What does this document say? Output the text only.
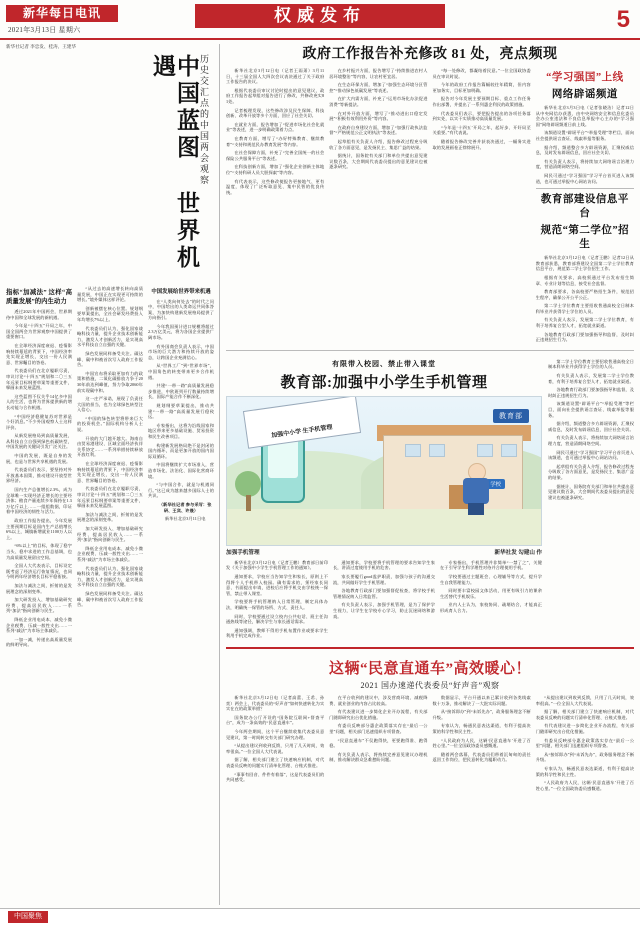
新华每日电讯
2021年3月13日 星期六
权威发布	5
新华社记者 李忠发、桂涛、王建华
中国蓝图 世界机遇	历史交汇点的中国两会观察
指标“加减法” 这样“高质量发展”的内生动力

透过2021年中国两会，世界期待中国和全球发展的新机遇。

今年是“十四五”开局之年，中国全国两会为世界观察中国提供了重要窗口。

在全球经济深度衰退、疫情影响持续蔓延的背景下，中国经济率先实现正增长，交出一份人民满意、世界瞩目的答卷。

代表委员们在北京履职尽责，审议讨论“十四五”规划和二〇三五年远景目标纲要草案等重要文件，擘画未来发展蓝图。

这些蓝图不仅关乎14亿多中国人的生活，也将为世界提供新的增长动能与合作机遇。

“中国经济稳健复苏对世界是个好消息。”不少外国观察人士这样评价。

从新发展格局到高质量发展，从科技自立自强到绿色低碳转型，中国发展的关键词引发广泛关注。

中国的发展，既是自身的发展，也是与世界共享机遇的发展。

代表委员们表示，要坚持对外开放基本国策，推动建设开放型世界经济。

国内生产总值增长2.3%，成为全球唯一实现经济正增长的主要经济体；粮食产量连续多年保持在1.3万亿斤以上……一组组数据，印证着中国经济的韧性与活力。

政府工作报告提出，今年发展主要预期目标是国内生产总值增长6%以上，城镇新增就业1100万人以上。

“6%以上”的目标，体现了稳字当头、稳中求进的工作总基调，也为高质量发展留出空间。

全国人大代表表示，目标设定既考虑了经济运行恢复情况，也同今明两年经济增长目标平稳衔接。

加法与减法之间，折射的是发展理念的深刻变革。

加大研发投入、增加基础研究经费、提高居民收入……一系列“加法”指向创新与民生。

降低企业用电成本、减免小微企业税费、压减一般性支出……一系列“减法”为市场主体减负。

一加一减，传递出高质量发展的鲜明导向。

“从过去的高速增长转向高质量发展，中国正在实现更可持续的增长。”境外媒体这样评论。

创新被摆在核心位置。规划纲要草案提出，全社会研发经费投入年均增长7%以上。

代表委员们认为，强化国家战略科技力量，提升企业技术创新能力，激发人才创新活力，是实现高水平科技自立自强的关键。

绿色发展同样备受关注。碳达峰、碳中和被首次写入政府工作报告。

中国宣布将采取更加有力的政策和措施，二氧化碳排放力争于2030年前达到峰值，努力争取2060年前实现碳中和。

这一庄严承诺，展现了负责任大国的担当，也为全球绿色转型注入信心。

“中国的绿色转型将带来巨大的投资机会。”国际机构分析人士说。

开放的大门越开越大。海南自由贸易港建设、区域全面经济伙伴关系协定……一系列举措持续释放开放红利。

在全球经济深度衰退、疫情影响持续蔓延的背景下，中国经济率先实现正增长，交出一份人民满意、世界瞩目的答卷。

代表委员们在北京履职尽责，审议讨论“十四五”规划和二〇三五年远景目标纲要草案等重要文件，擘画未来发展蓝图。

加法与减法之间，折射的是发展理念的深刻变革。

加大研发投入、增加基础研究经费、提高居民收入……一系列“加法”指向创新与民生。

降低企业用电成本、减免小微企业税费、压减一般性支出……一系列“减法”为市场主体减负。

代表委员们认为，强化国家战略科技力量，提升企业技术创新能力，激发人才创新活力，是实现高水平科技自立自强的关键。

绿色发展同样备受关注。碳达峰、碳中和被首次写入政府工作报告。

中国发展给世界带来机遇

在“人类向何处去”的时代之问中，中国给出的人类命运共同体答案，为加快构建新发展格局提供了方向指引。

今年我国预计进口规模将超过2.3万亿美元，将为各国企业提供广阔市场。

有外国商会负责人表示，中国市场的巨大潜力和持续开放的姿态，让跨国企业充满信心。

从“世界工厂”到“世界市场”，中国角色的转变带来更多合作机遇。

共建“一带一路”高质量发展稳步推进，中欧班列开行数量持续增长，国际产能合作不断深化。

规划纲要草案提出，推动共建“一带一路”高质量发展行稳致远。

专家指出，这将为沿线国家和地区带来更多基础设施、贸易投资和民生改善项目。

构建新发展格局绝不是封闭的国内循环，而是更加开放的国内国际双循环。

中国将继续扩大市场准入，营造市场化、法治化、国际化营商环境。

“与中国合作，就是与机遇同行。”这已成为越来越多国际人士的共识。

（新华社记者 参与采写：张研、王宾、许晟）

新华社北京3月11日电

政府工作报告补充修改 81 处，亮点频现

新华社北京3月12日电（记者王雨萧）3月11日，十三届全国人大四次会议表决通过了关于政府工作报告的决议。

根据代表委员审议讨论时提出的意见建议，政府工作报告起草组对报告进行了修改，共修改充实81处。

记者梳理发现，这些修改涉及民生保障、科技创新、改革开放等多个方面，回应了社会关切。

在就业方面，报告增加了“促进市场化社会化就业”等表述，进一步明确政策着力点。

在教育方面，增写了“办好特殊教育、继续教育”“支持和规范民办教育发展”等内容。

在社会保障方面，补充了“完善全国统一的社会保险公共服务平台”等表述。

在科技创新方面，增加了“强化企业创新主体地位”“支持科研人员大胆探索”等内容。

有代表表示，这些修改使报告更接地气、更有温度，体现了广泛听取意见、集中民智的优良传统。

在乡村振兴方面，报告增写了“持续推进农村人居环境整治”等内容，让农村更宜居。

在生态环保方面，增加了“加强生态环境分区管控”“推动绿色低碳发展”等表述。

在扩大内需方面，补充了“运用市场化办法促进消费”等新提法。

在对外开放方面，增写了“推动进出口稳定发展”“积极有效利用外资”等内容。

在政府自身建设方面，增加了“加强行政执法监督”“严格规范公正文明执法”等表述。

起草组有关负责人介绍，报告修改过程充分吸收了各方面意见，是发扬民主、集思广益的结果。

据统计，国务院有关部门和单位共提出意见建议数百条，大会期间代表委员提出的意见建议也被逐条研究。

“每一处修改，都凝结着民意。”一位全国政协委员在审议时说。

今年的政府工作报告篇幅较往年精简，但内容更加务实，目标更加明确。

报告对今年发展主要预期目标、重点工作任务作出部署，并提出了一系列惠企利民的政策措施。

代表委员们表示，要把报告提出的各项任务落到实处，以实干实绩推动高质量发展。

“今年是‘十四五’开局之年，起好步、开好局至关重要。”有代表说。

随着报告修改完善并获表决通过，一幅务实进取的发展画卷正徐徐展开。

“学习强国”上线
网络辟谣频道

新华社北京3月3日电（记者张晓洁）记者12日从中央网信办获悉，由中央网络安全和信息化委员会办公室违法和不良信息举报中心主办的“学习强国”网络辟谣频道日前上线。

该频道设置“辟谣平台”“举报受理”等栏目，面向社会提供谣言查证、线索举报等服务。

据介绍，频道整合多方辟谣资源，汇聚权威信息，及时发布辟谣信息，回应社会关切。

有关负责人表示，将持续加大网络谣言治理力度，营造清朗网络空间。

网民可通过“学习强国”学习平台首页进入该频道，也可通过举报中心网站访问。

教育部建设信息平台
规范“第二学位”招生

新华社北京3月12日电（记者王鹏）记者12日从教育部获悉，教育部将建设全国第二学士学位教育信息平台，规范第二学士学位招生工作。

根据有关要求，高校须通过平台发布招生简章、专业计划等信息，接受社会监督。

教育部要求，各高校要严格招生条件，规范招生程序，确保公开公平公正。

第二学士学位教育主要招收普通高校全日制本科毕业并获得学士学位的人员。

有关负责人表示，发展第二学士学位教育，有利于培养复合型人才，拓宽就业渠道。

各地教育行政部门要加强指导和监督，及时纠正违规招生行为。

有限带入校园、禁止带入课堂
教育部:加强中小学生手机管理
加强中小学 生手机管理
教育部
学校
加强手机管理	新华社发 勾建山 作

新华社北京3月12日电（记者王鹏）教育部日前印发《关于加强中小学生手机管理工作的通知》。

通知要求，学校应当告知学生和家长，原则上不得将个人手机带入校园。确有需求的，须经家长同意、书面提出申请，进校后应将手机交由学校统一保管，禁止带入课堂。

学校要将手机管理纳入日常管理，制定具体办法，明确统一保管的场所、方式、责任人。

同时，学校要通过设立校内公共电话、班主任沟通热线等途径，解决学生与家长通话需求。

通知强调，教师不得用手机布置作业或要求学生利用手机完成作业。

通知要求，学校要将手机管理的要求告知学生家长，讲清过度使用手机的危害。

家长要履行good监护职责，加强与孩子的沟通交流，共同做好学生手机管理。

各地教育行政部门要加强督促检查，将学校手机管理情况纳入日常监管。

有关负责人表示，加强手机管理，是为了保护学生视力，让学生在学校专心学习，防止沉迷网络和游戏。

专家指出，手机管理并非简单“一禁了之”，关键在于引导学生科学理性对待并合理使用手机。

学校要通过主题班会、心理辅导等方式，提升学生自我管理能力。

同时要丰富校园文体活动，用更有吸引力的课余生活替代手机娱乐。

业内人士认为，家校协同、疏堵结合，才能真正形成育人合力。

第二学士学位教育主要招收普通高校全日制本科毕业并获得学士学位的人员。

有关负责人表示，发展第二学士学位教育，有利于培养复合型人才，拓宽就业渠道。

各地教育行政部门要加强指导和监督，及时纠正违规招生行为。

该频道设置“辟谣平台”“举报受理”等栏目，面向社会提供谣言查证、线索举报等服务。

据介绍，频道整合多方辟谣资源，汇聚权威信息，及时发布辟谣信息，回应社会关切。

有关负责人表示，将持续加大网络谣言治理力度，营造清朗网络空间。

网民可通过“学习强国”学习平台首页进入该频道，也可通过举报中心网站访问。

起草组有关负责人介绍，报告修改过程充分吸收了各方面意见，是发扬民主、集思广益的结果。

据统计，国务院有关部门和单位共提出意见建议数百条，大会期间代表委员提出的意见建议也被逐条研究。

这辆“民意直通车”高效暖心！
2021 国办速递代表委员“好声音”观察

新华社北京3月12日电（记者高蕾、王希、孙奕）两会上，代表委员的“好声音”如何快速转化为实实在在的政策举措？

国务院办公厅开设的“国务院互联网+督查平台”，成为一条高效的“民意直通车”。

今年两会期间，这个平台继续收集代表委员意见建议，第一时间转交有关部门研究办理。

“从提出建议到收到反馈，只用了几天时间，效率很高。”一位全国人大代表说。

据了解，相关部门建立了快速响应机制，对代表委员反映的问题实行清单化管理、台账式推进。

“事事有回音、件件有着落”，这是代表委员们的共同感受。

在平台收到的建议中，涉及营商环境、减税降费、就业创业的内容占比较高。

有代表建议进一步简化企业开办流程，有关部门随即研究出台优化措施。

有委员反映部分惠企政策落实存在“最后一公里”问题，相关部门迅速组织专项督查。

“民意直通车”不仅跑得快，更要跑得准、跑得稳。

有关负责人表示，将持续完善意见建议办理机制，推动解决群众急难愁盼问题。

数据显示，平台开通以来已累计收到各类线索数十万条，推动解决了一大批实际问题。

从“接诉即办”到“未诉先办”，政务服务理念不断升级。

专家认为，畅通民意表达渠道，有利于提高决策的科学性和民主性。

“人民政府为人民，这辆‘民意直通车’开进了百姓心里。”一位全国政协委员感慨道。

随着两会落幕，代表委员们带着沉甸甸的责任返回工作岗位，把民意转化为履职动力。

“从提出建议到收到反馈，只用了几天时间，效率很高。”一位全国人大代表说。

据了解，相关部门建立了快速响应机制，对代表委员反映的问题实行清单化管理、台账式推进。

有代表建议进一步简化企业开办流程，有关部门随即研究出台优化措施。

有委员反映部分惠企政策落实存在“最后一公里”问题，相关部门迅速组织专项督查。

从“接诉即办”到“未诉先办”，政务服务理念不断升级。

专家认为，畅通民意表达渠道，有利于提高决策的科学性和民主性。

“人民政府为人民，这辆‘民意直通车’开进了百姓心里。”一位全国政协委员感慨道。

中国聚焦
